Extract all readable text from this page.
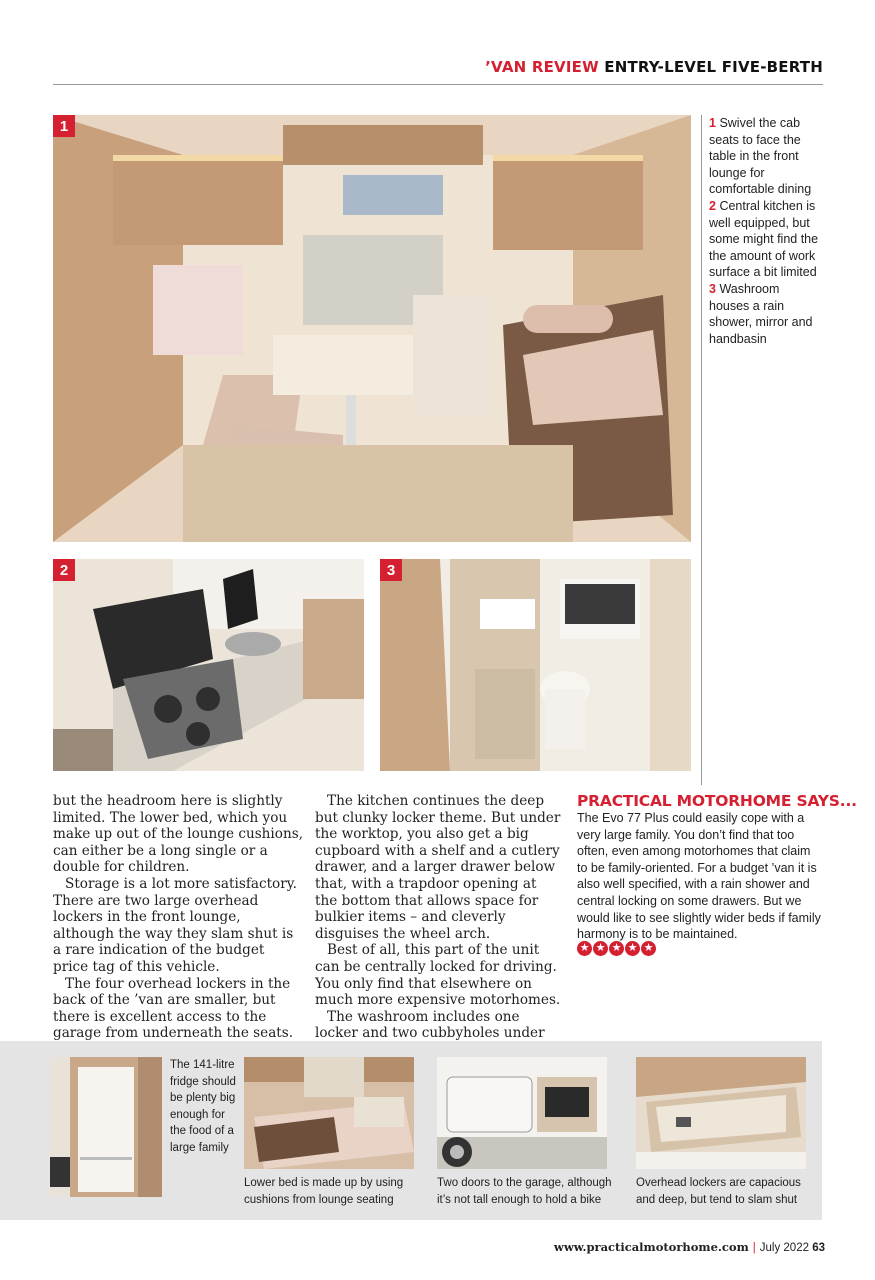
’VAN REVIEW ENTRY-LEVEL FIVE-BERTH
1
2	3
1 Swivel the cab seats to face the table in the front lounge for comfortable dining 2 Central kitchen is well equipped, but some might find the the amount of work surface a bit limited 3 Washroom houses a rain shower, mirror and handbasin

but the headroom here is slightly limited. The lower bed, which you make up out of the lounge cushions, can either be a long single or a double for children.

Storage is a lot more satisfactory. There are two large overhead lockers in the front lounge, although the way they slam shut is a rare indication of the budget price tag of this vehicle.

The four overhead lockers in the back of the ’van are smaller, but there is excellent access to the garage from underneath the seats.

The kitchen continues the deep but clunky locker theme. But under the worktop, you also get a big cupboard with a shelf and a cutlery drawer, and a larger drawer below that, with a trapdoor opening at the bottom that allows space for bulkier items – and cleverly disguises the wheel arch.

Best of all, this part of the unit can be centrally locked for driving. You only find that elsewhere on much more expensive motorhomes.

The washroom includes one locker and two cubbyholes under

PRACTICAL MOTORHOME SAYS...
The Evo 77 Plus could easily cope with a very large family. You don’t find that too often, even among motorhomes that claim to be family-oriented. For a budget ’van it is also well specified, with a rain shower and central locking on some drawers. But we would like to see slightly wider beds if family harmony is to be maintained.
★ ★ ★ ★ ★
The 141-litre fridge should be plenty big enough for the food of a large family
Lower bed is made up by using cushions from lounge seating
Two doors to the garage, although it’s not tall enough to hold a bike
Overhead lockers are capacious and deep, but tend to slam shut
www.practicalmotorhome.com | July 2022 63
